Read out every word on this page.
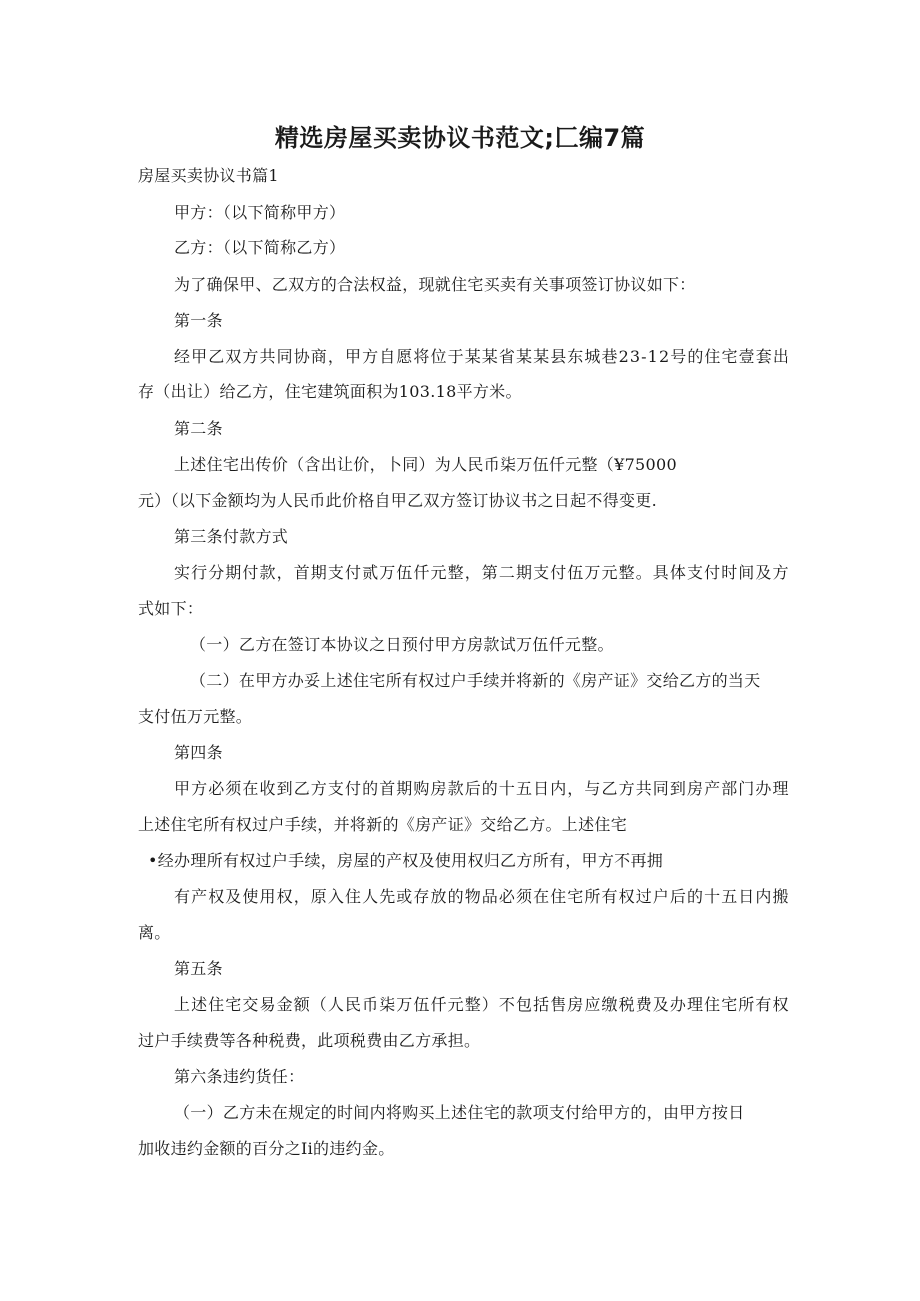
精选房屋买卖协议书范文;匚编7篇
房屋买卖协议书篇1
甲方：（以下简称甲方）
乙方：（以下简称乙方）
为了确保甲、乙双方的合法权益，现就住宅买卖有关事项签订协议如下：
第一条
经甲乙双方共同协商，甲方自愿将位于某某省某某县东城巷23-12号的住宅壹套出
存（出让）给乙方，住宅建筑面积为103.18平方米。
第二条
上述住宅出传价（含出让价，卜同）为人民币柒万伍仟元整（¥75000
元）（以下金额均为人民币此价格自甲乙双方签订协议书之日起不得变更.
第三条付款方式
实行分期付款，首期支付贰万伍仟元整，第二期支付伍万元整。具体支付时间及方
式如下：
（一）乙方在签订本协议之日预付甲方房款试万伍仟元整。
（二）在甲方办妥上述住宅所有权过户手续并将新的《房产证》交给乙方的当天
支付伍万元整。
第四条
甲方必须在收到乙方支付的首期购房款后的十五日内，与乙方共同到房产部门办理
上述住宅所有权过户手续，并将新的《房产证》交给乙方。上述住宅
•经办理所有权过户手续，房屋的产权及使用权归乙方所有，甲方不再拥
有产权及使用权，原入住人先或存放的物品必须在住宅所有权过户后的十五日内搬
离。
第五条
上述住宅交易金额（人民币柒万伍仟元整）不包括售房应缴税费及办理住宅所有权
过户手续费等各种税费，此项税费由乙方承担。
第六条违约货任：
（一）乙方未在规定的时间内将购买上述住宅的款项支付给甲方的，由甲方按日
加收违约金额的百分之Ii的违约金。
